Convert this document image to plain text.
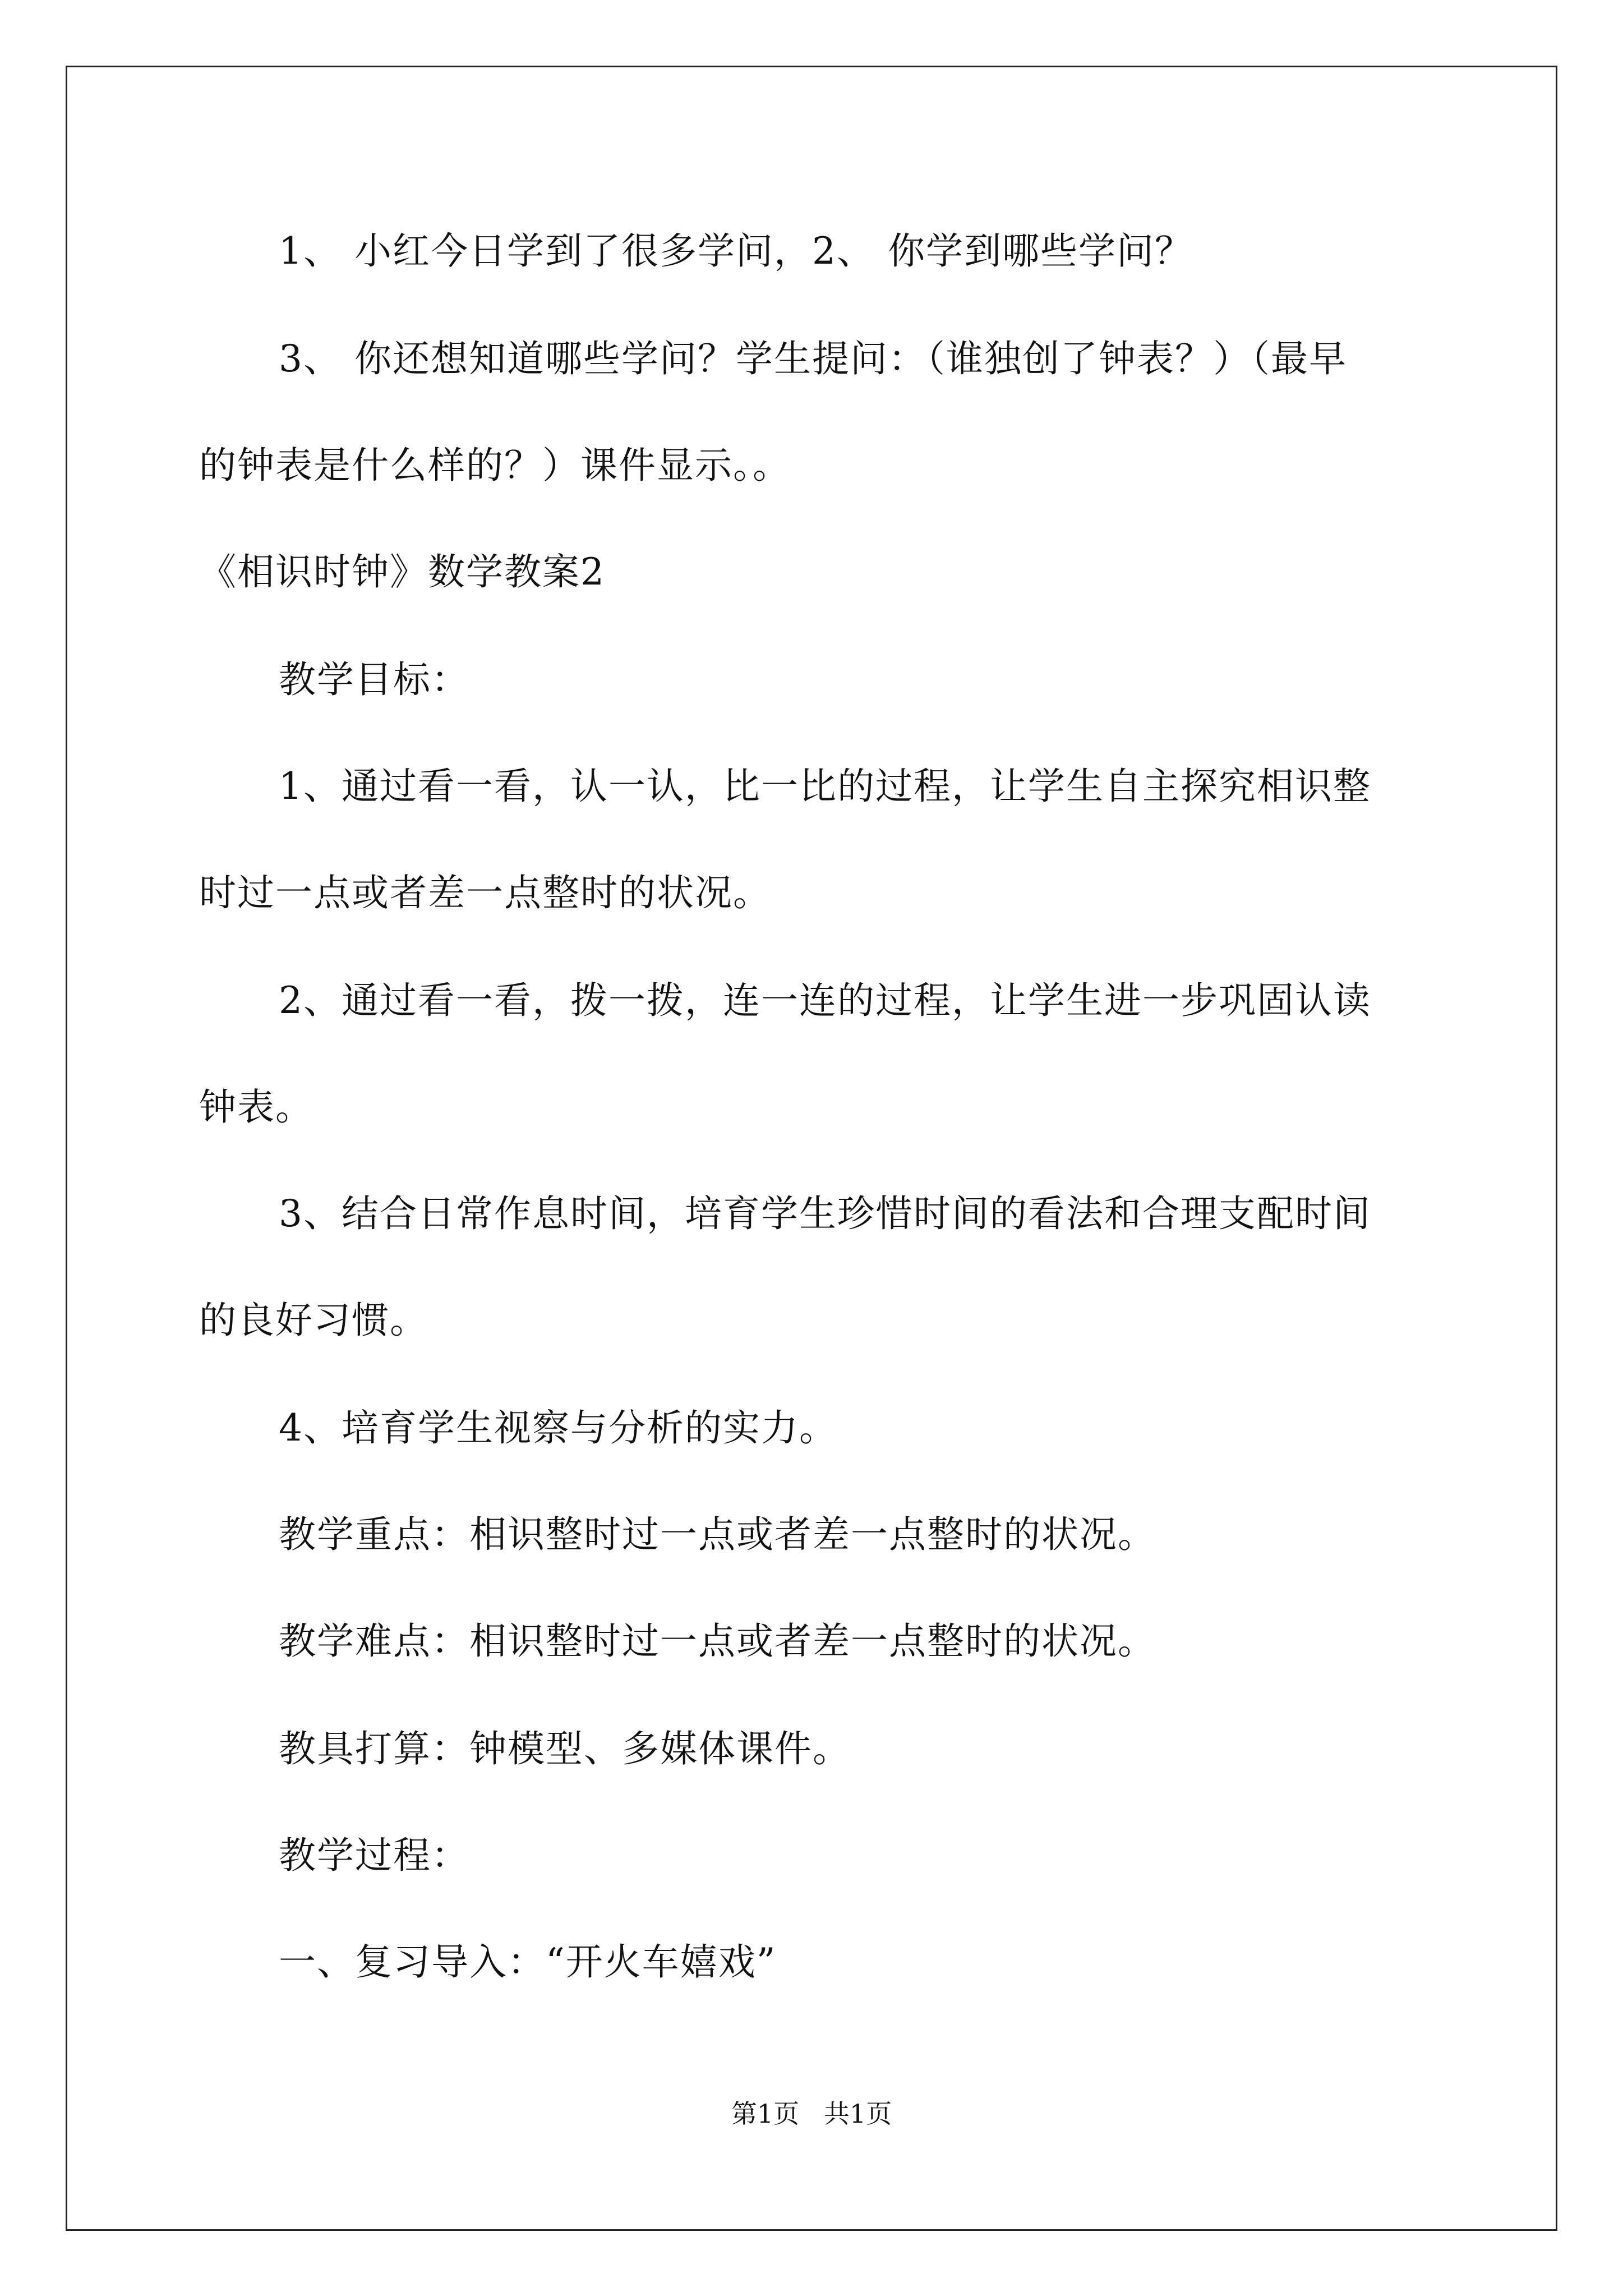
1、 小红今日学到了很多学问，2、 你学到哪些学问？
3、 你还想知道哪些学问？学生提问：（谁独创了钟表？）（最早
的钟表是什么样的？）课件显示。。
《相识时钟》数学教案2
教学目标：
1、通过看一看，认一认，比一比的过程，让学生自主探究相识整
时过一点或者差一点整时的状况。
2、通过看一看，拨一拨，连一连的过程，让学生进一步巩固认读
钟表。
3、结合日常作息时间，培育学生珍惜时间的看法和合理支配时间
的良好习惯。
4、培育学生视察与分析的实力。
教学重点：相识整时过一点或者差一点整时的状况。
教学难点：相识整时过一点或者差一点整时的状况。
教具打算：钟模型、多媒体课件。
教学过程：
一、复习导入：“开火车嬉戏”
第1页   共1页
